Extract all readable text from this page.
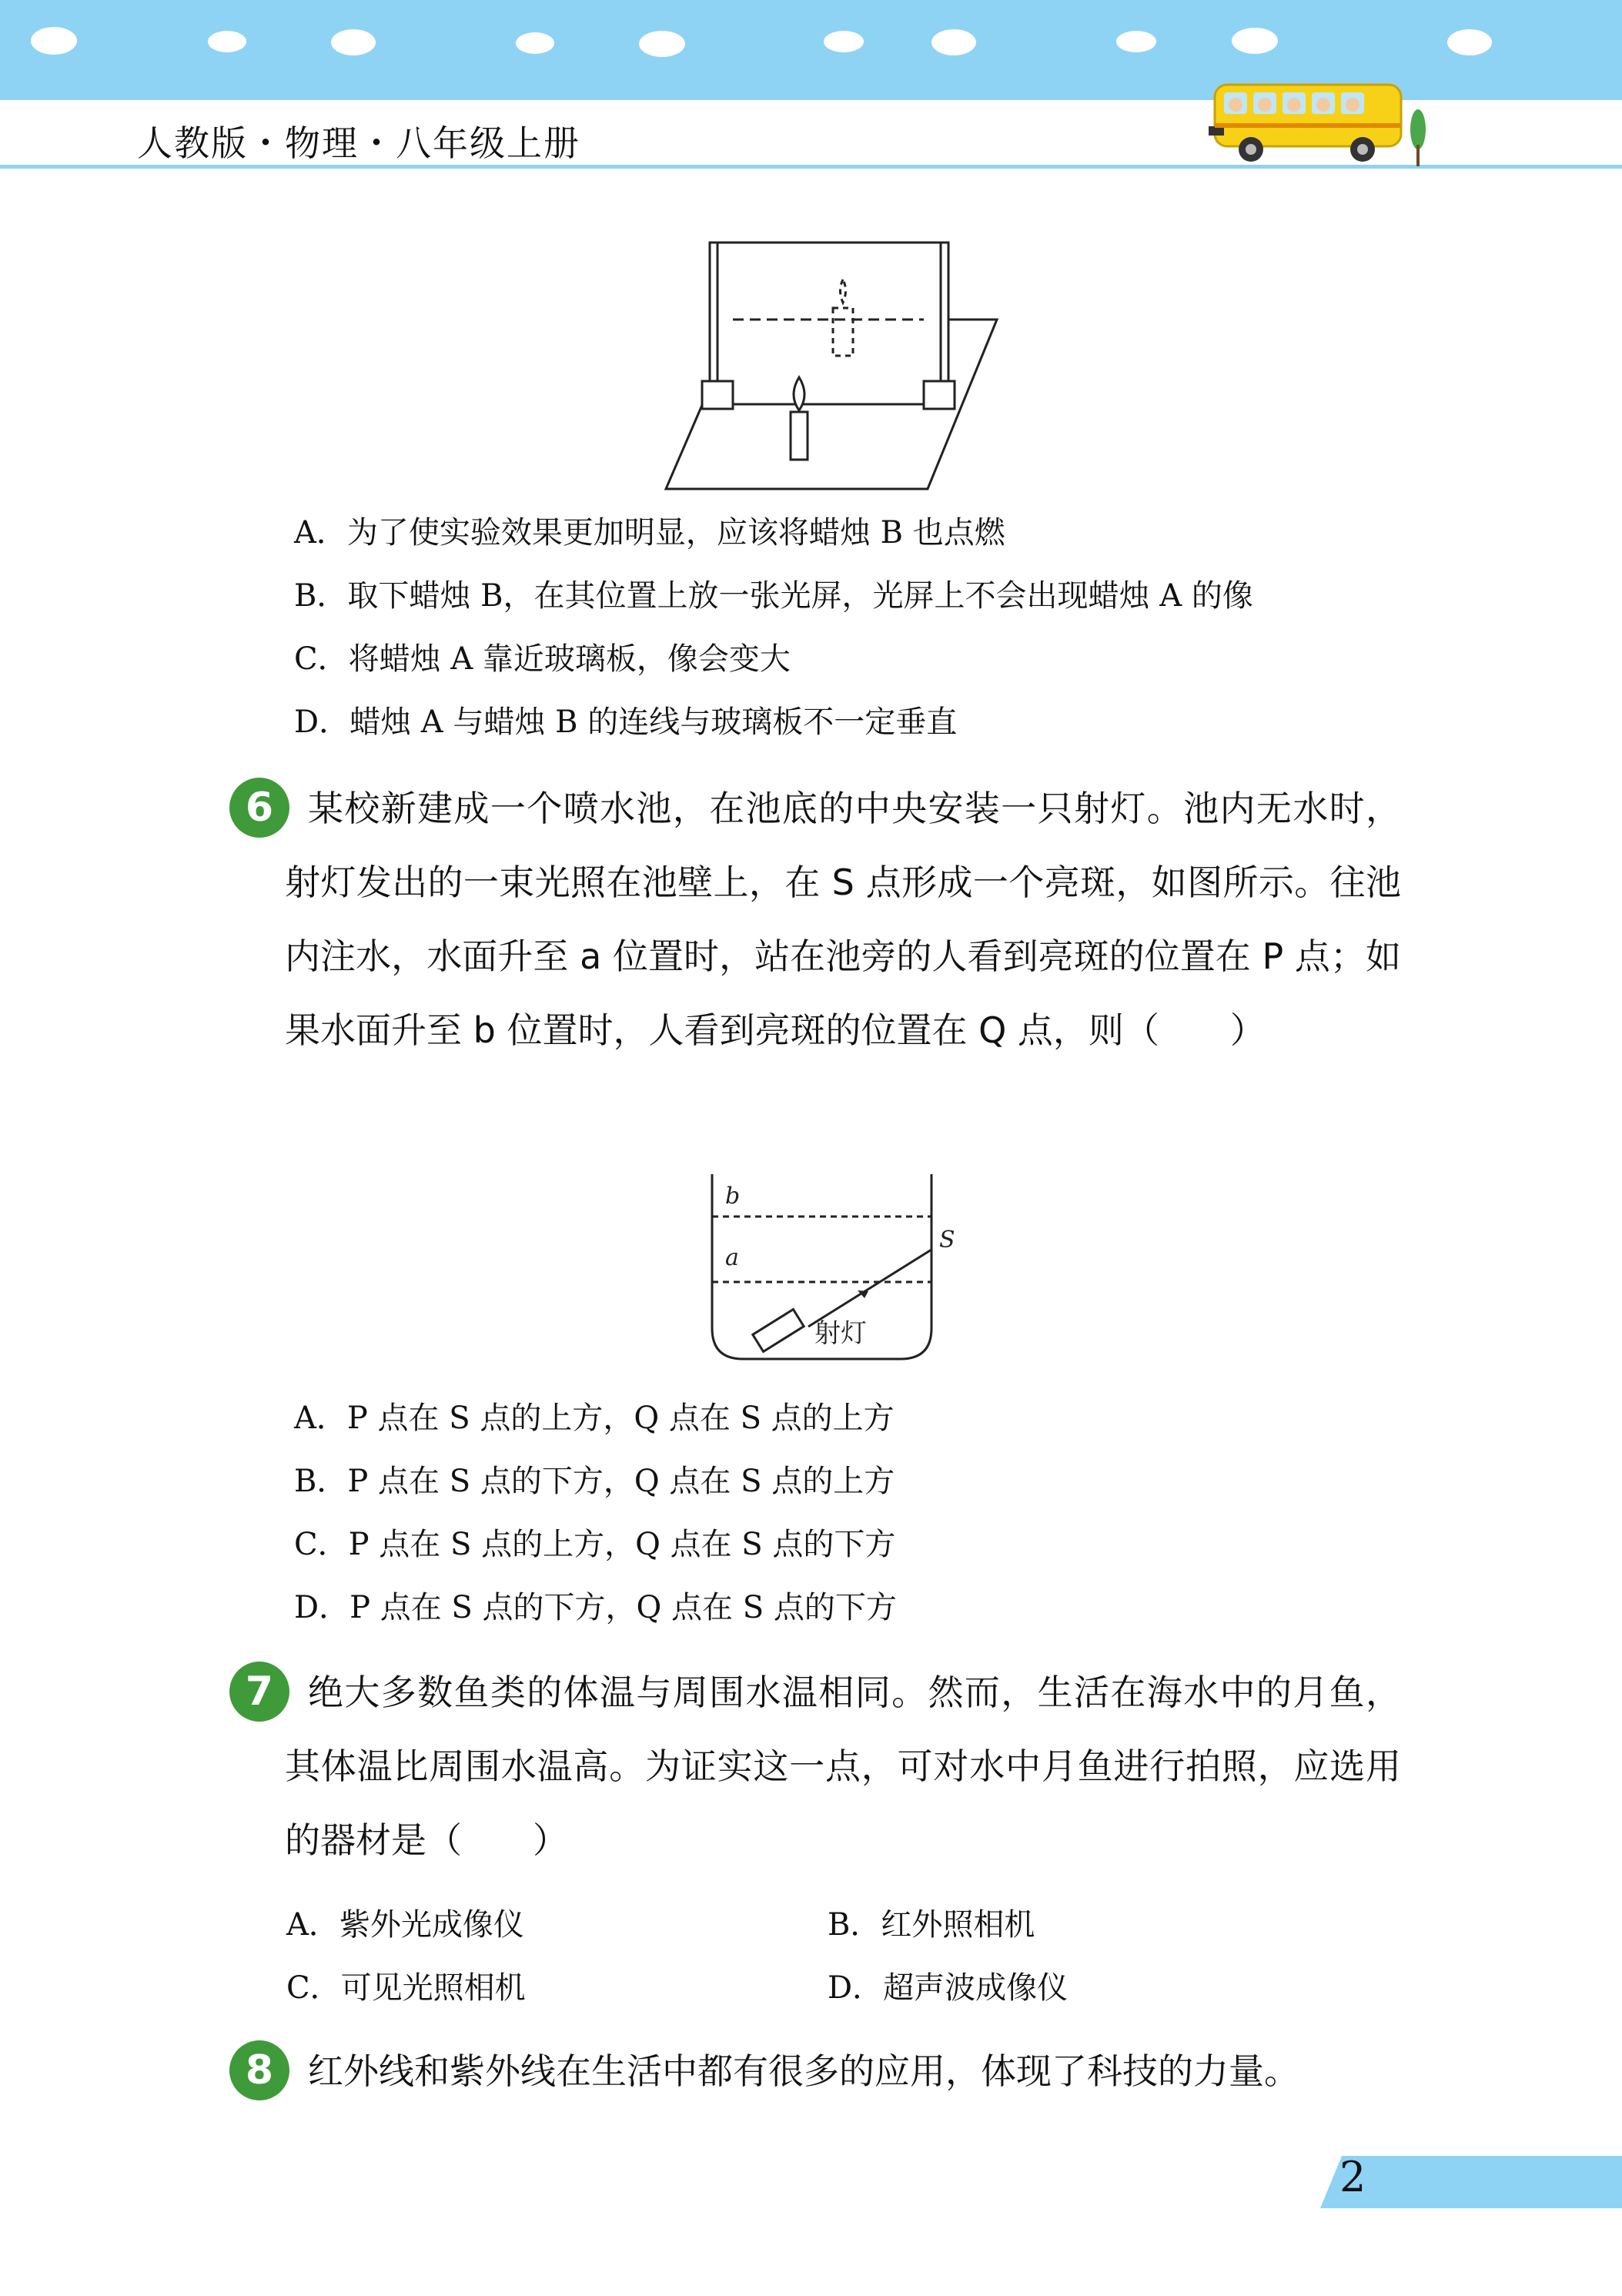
人教版・物理・八年级上册
A．为了使实验效果更加明显，应该将蜡烛 B 也点燃
B．取下蜡烛 B，在其位置上放一张光屏，光屏上不会出现蜡烛 A 的像
C．将蜡烛 A 靠近玻璃板，像会变大
D．蜡烛 A 与蜡烛 B 的连线与玻璃板不一定垂直
6 某校新建成一个喷水池，在池底的中央安装一只射灯。池内无水时，射灯发出的一束光照在池壁上，在 S 点形成一个亮斑，如图所示。往池内注水，水面升至 a 位置时，站在池旁的人看到亮斑的位置在 P 点；如果水面升至 b 位置时，人看到亮斑的位置在 Q 点，则（　　）
b
a
S
射灯
A．P 点在 S 点的上方，Q 点在 S 点的上方
B．P 点在 S 点的下方，Q 点在 S 点的上方
C．P 点在 S 点的上方，Q 点在 S 点的下方
D．P 点在 S 点的下方，Q 点在 S 点的下方
7 绝大多数鱼类的体温与周围水温相同。然而，生活在海水中的月鱼，其体温比周围水温高。为证实这一点，可对水中月鱼进行拍照，应选用的器材是（　　）
A．紫外光成像仪	B．红外照相机
C．可见光照相机	D．超声波成像仪
8 红外线和紫外线在生活中都有很多的应用，体现了科技的力量。
2
